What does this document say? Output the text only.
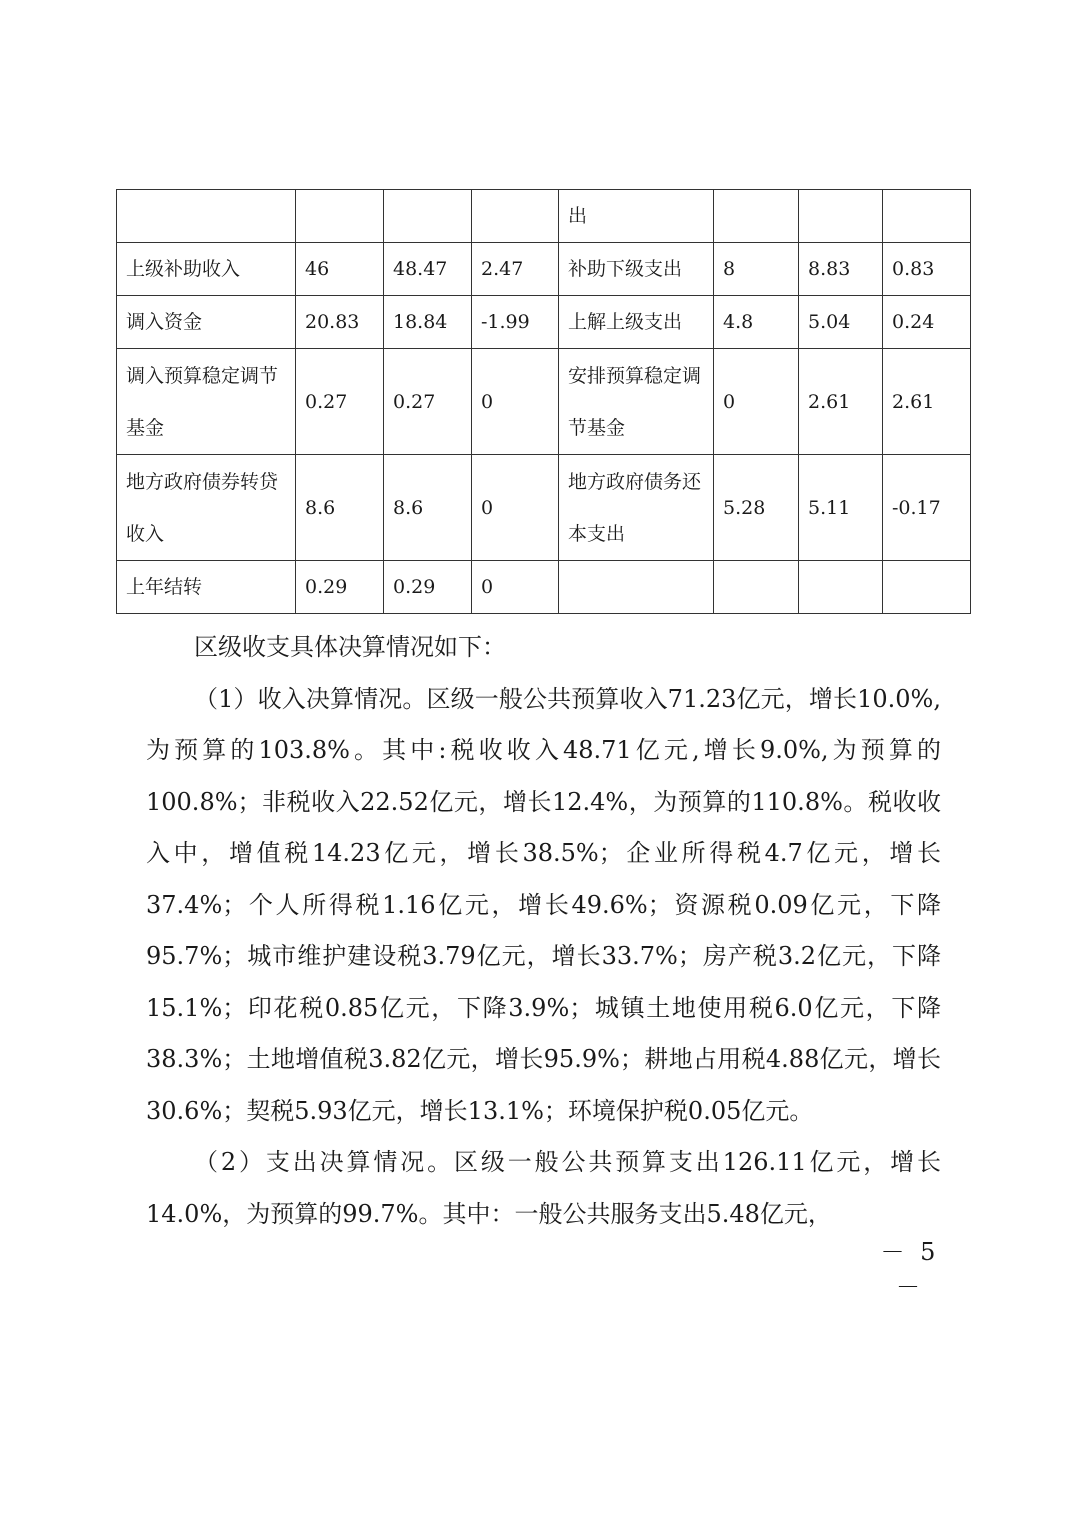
				出			
上级补助收入	46	48.47	2.47	补助下级支出	8	8.83	0.83
调入资金	20.83	18.84	-1.99	上解上级支出	4.8	5.04	0.24
调入预算稳定调节基金	0.27	0.27	0	安排预算稳定调节基金	0	2.61	2.61
地方政府债券转贷收入	8.6	8.6	0	地方政府债务还本支出	5.28	5.11	-0.17
上年结转	0.29	0.29	0				

区级收支具体决算情况如下：

（1）收入决算情况。区级一般公共预算收入71.23亿元，增长10.0%,为预算的103.8%。其中:税收收入48.71亿元,增长9.0%,为预算的100.8%；非税收入22.52亿元，增长12.4%，为预算的110.8%。税收收入中，增值税14.23亿元，增长38.5%；企业所得税4.7亿元，增长37.4%；个人所得税1.16亿元，增长49.6%；资源税0.09亿元，下降95.7%；城市维护建设税3.79亿元，增长33.7%；房产税3.2亿元，下降15.1%；印花税0.85亿元，下降3.9%；城镇土地使用税6.0亿元，下降38.3%；土地增值税3.82亿元，增长95.9%；耕地占用税4.88亿元，增长30.6%；契税5.93亿元，增长13.1%；环境保护税0.05亿元。

（2）支出决算情况。区级一般公共预算支出126.11亿元，增长14.0%，为预算的99.7%。其中：一般公共服务支出5.48亿元，

－ 5 －
